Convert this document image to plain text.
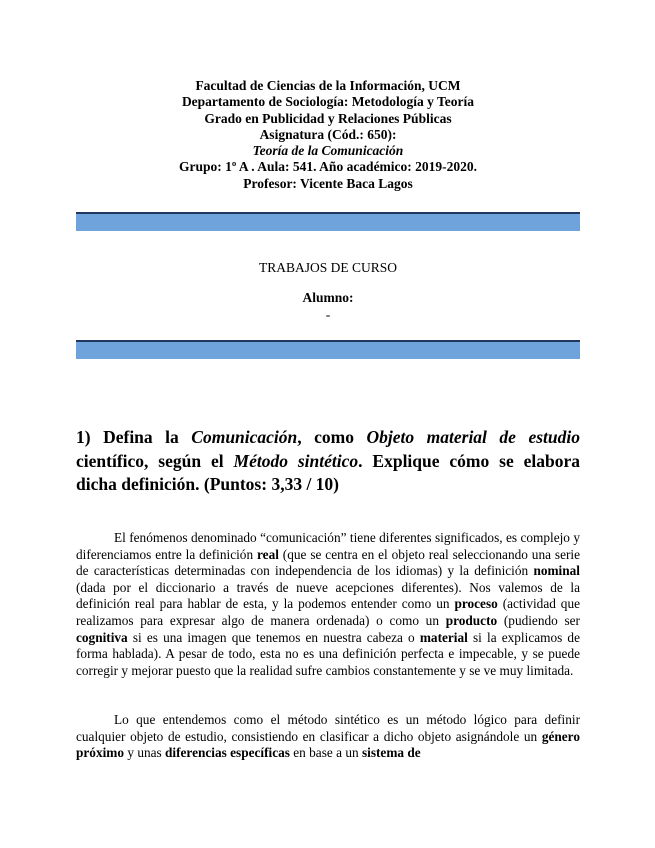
Facultad de Ciencias de la Información, UCM
Departamento de Sociología: Metodología y Teoría
Grado en Publicidad y Relaciones Públicas
Asignatura (Cód.: 650):
Teoría de la Comunicación
Grupo: 1º A . Aula: 541. Año académico: 2019-2020.
Profesor: Vicente Baca Lagos
TRABAJOS DE CURSO
Alumno:
-
1) Defina la Comunicación, como Objeto material de estudio científico, según el Método sintético. Explique cómo se elabora dicha definición. (Puntos: 3,33 / 10)

El fenómenos denominado “comunicación” tiene diferentes significados, es complejo y diferenciamos entre la definición real (que se centra en el objeto real seleccionando una serie de características determinadas con independencia de los idiomas) y la definición nominal (dada por el diccionario a través de nueve acepciones diferentes). Nos valemos de la definición real para hablar de esta, y la podemos entender como un proceso (actividad que realizamos para expresar algo de manera ordenada) o como un producto (pudiendo ser cognitiva si es una imagen que tenemos en nuestra cabeza o material si la explicamos de forma hablada). A pesar de todo, esta no es una definición perfecta e impecable, y se puede corregir y mejorar puesto que la realidad sufre cambios constantemente y se ve muy limitada.

Lo que entendemos como el método sintético es un método lógico para definir cualquier objeto de estudio, consistiendo en clasificar a dicho objeto asignándole un género próximo y unas diferencias específicas en base a un sistema de
